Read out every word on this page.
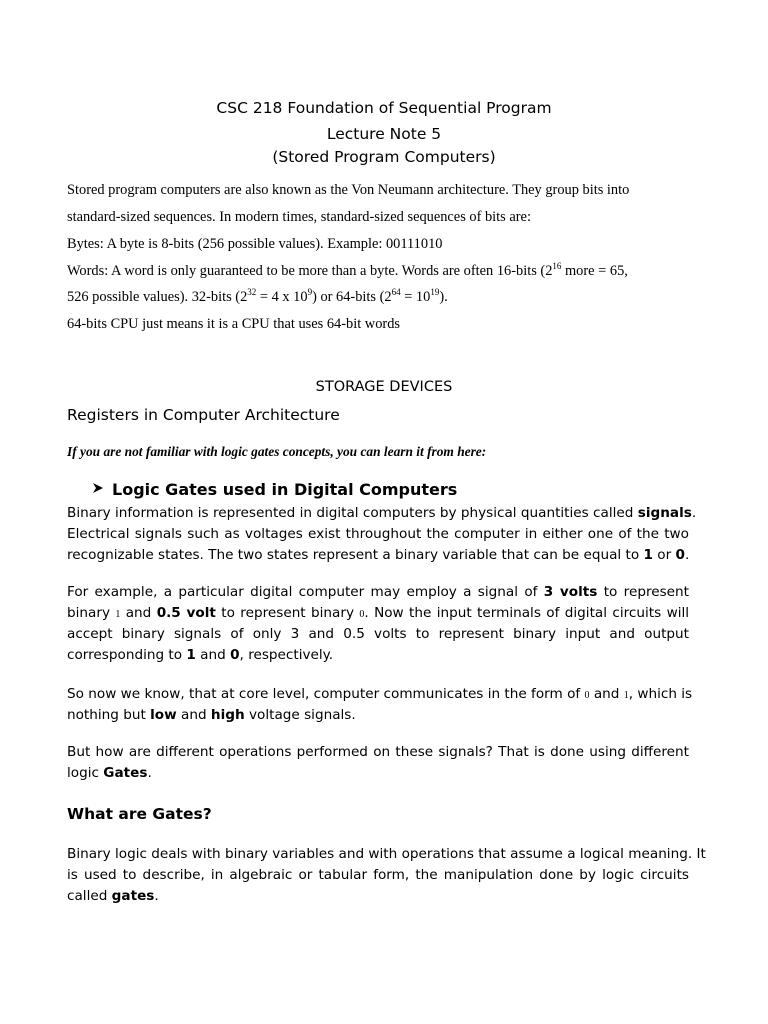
CSC 218 Foundation of Sequential Program

Lecture Note 5

(Stored Program Computers)

Stored program computers are also known as the Von Neumann architecture. They group bits into

standard-sized sequences. In modern times, standard-sized sequences of bits are:

Bytes: A byte is 8-bits (256 possible values). Example: 00111010

Words: A word is only guaranteed to be more than a byte. Words are often 16-bits ($2^{16}$ more = 65,

526 possible values). 32-bits ($2^{32} = 4$ x $10^9$) or 64-bits $(2^{64} = 10^{19})$.

64-bits CPU just means it is a CPU that uses 64-bit words

STORAGE DEVICES

Registers in Computer Architecture

If you are not familiar with logic gates concepts, you can learn it from here:

Logic Gates used in Digital Computers

Binary information is represented in digital computers by physical quantities called signals.
Electrical signals such as voltages exist throughout the computer in either one of the two
recognizable states. The two states represent a binary variable that can be equal to 1 or 0.
For example, a particular digital computer may employ a signal of 3 volts to represent
binary 1 and 0.5 volt to represent binary 0. Now the input terminals of digital circuits will
accept binary signals of only 3 and 0.5 volts to represent binary input and output
corresponding to 1 and 0, respectively.
So now we know, that at core level, computer communicates in the form of 0 and 1, which is
nothing but low and high voltage signals.
But how are different operations performed on these signals? That is done using different
logic Gates.

What are Gates?

Binary logic deals with binary variables and with operations that assume a logical meaning. It
is used to describe, in algebraic or tabular form, the manipulation done by logic circuits
called gates.
